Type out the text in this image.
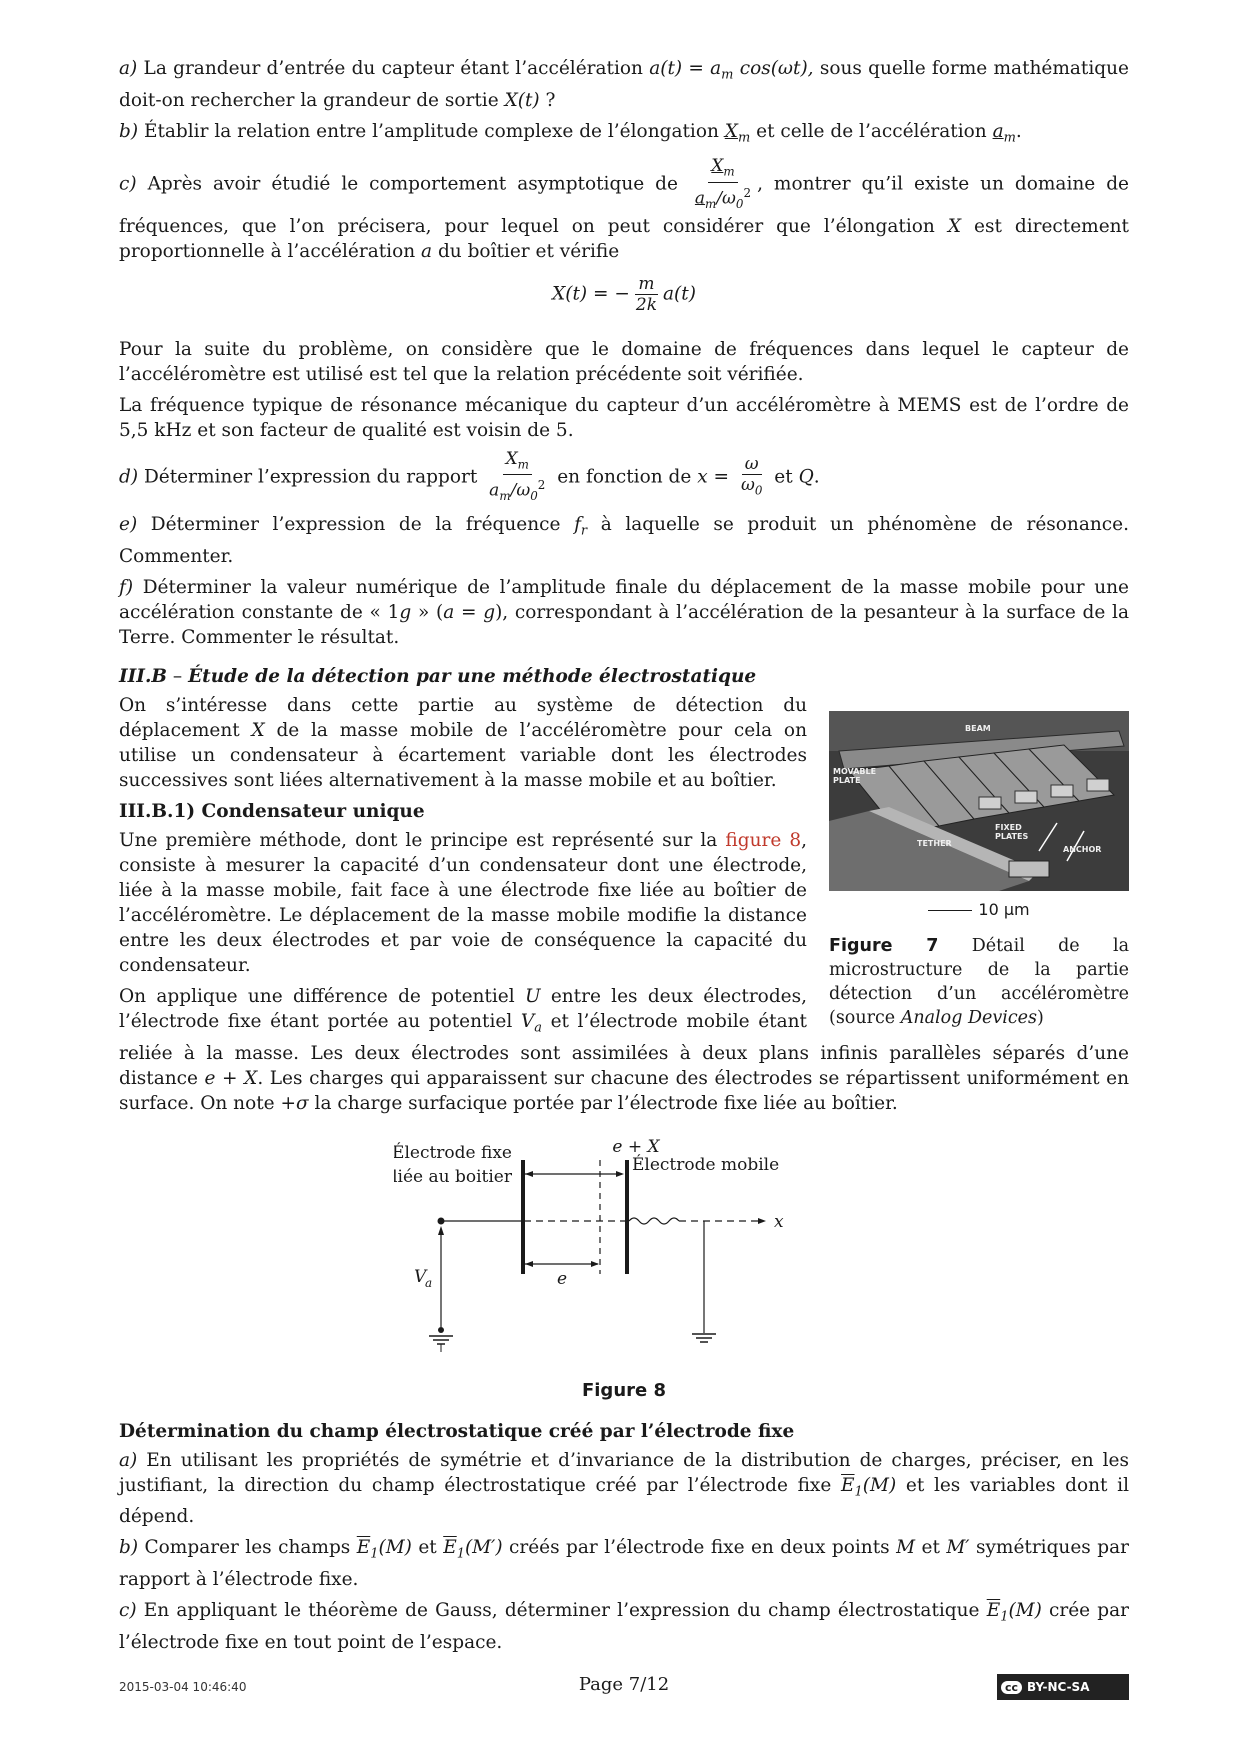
a) La grandeur d’entrée du capteur étant l’accélération $a(t) = a_m$ cos(ωt), sous quelle forme mathématique doit-on rechercher la grandeur de sortie X(t) ?

b) Établir la relation entre l’amplitude complexe de l’élongation $X_m$ et celle de l’accélération $a_m$.

c) Après avoir étudié le comportement asymptotique de $\frac{X_m}{a_m/\omega_0^2}$ , montrer qu’il existe un domaine de fréquences, que l’on précisera, pour lequel on peut considérer que l’élongation X est directement proportionnelle à l’accélération a du boîtier et vérifie

X(t) = − $\frac{m}{2k} a(t)$

Pour la suite du problème, on considère que le domaine de fréquences dans lequel le capteur de l’accéléromètre est utilisé est tel que la relation précédente soit vérifiée.

La fréquence typique de résonance mécanique du capteur d’un accéléromètre à MEMS est de l’ordre de 5,5 kHz et son facteur de qualité est voisin de 5.

d) Déterminer l’expression du rapport $\frac{X_m}{a_m/\omega_0^2}$ en fonction de $x = \frac{\omega}{\omega_0}$ et Q.

e) Déterminer l’expression de la fréquence $f_r$ à laquelle se produit un phénomène de résonance. Commenter.

f) Déterminer la valeur numérique de l’amplitude finale du déplacement de la masse mobile pour une accélération constante de « 1g » (a = g), correspondant à l’accélération de la pesanteur à la surface de la Terre. Commenter le résultat.

III.B – Étude de la détection par une méthode électrostatique
BEAM
MOVABLE PLATE
FIXED PLATES
TETHER
ANCHOR
10 µm
Figure 7 Détail de la microstructure de la partie détection d’un accéléromètre (source Analog Devices)

On s’intéresse dans cette partie au système de détection du déplacement X de la masse mobile de l’accéléromètre pour cela on utilise un condensateur à écartement variable dont les électrodes successives sont liées alternativement à la masse mobile et au boîtier.

III.B.1) Condensateur unique

Une première méthode, dont le principe est représenté sur la figure 8, consiste à mesurer la capacité d’un condensateur dont une électrode, liée à la masse mobile, fait face à une électrode fixe liée au boîtier de l’accéléromètre. Le déplacement de la masse mobile modifie la distance entre les deux électrodes et par voie de conséquence la capacité du condensateur.

On applique une différence de potentiel U entre les deux électrodes, l’électrode fixe étant portée au potentiel $V_a$ et l’électrode mobile étant reliée à la masse. Les deux électrodes sont assimilées à deux plans infinis parallèles séparés d’une distance e + X. Les charges qui apparaissent sur chacune des électrodes se répartissent uniformément en surface. On note +σ la charge surfacique portée par l’électrode fixe liée au boîtier.

Électrode fixe
liée au boitier
e + X
Électrode mobile
x
V
a	e
Figure 8
Détermination du champ électrostatique créé par l’électrode fixe

a) En utilisant les propriétés de symétrie et d’invariance de la distribution de charges, préciser, en les justifiant, la direction du champ électrostatique créé par l’électrode fixe $\overline{E}_1(M)$ et les variables dont il dépend.

b) Comparer les champs $\overline{E}_1(M)$ et $\overline{E}_1(M')$ créés par l’électrode fixe en deux points M et M′ symétriques par rapport à l’électrode fixe.

c) En appliquant le théorème de Gauss, déterminer l’expression du champ électrostatique $\overline{E}_1(M)$ crée par l’électrode fixe en tout point de l’espace.

2015-03-04 10:46:40	Page 7/12	cc BY-NC-SA
